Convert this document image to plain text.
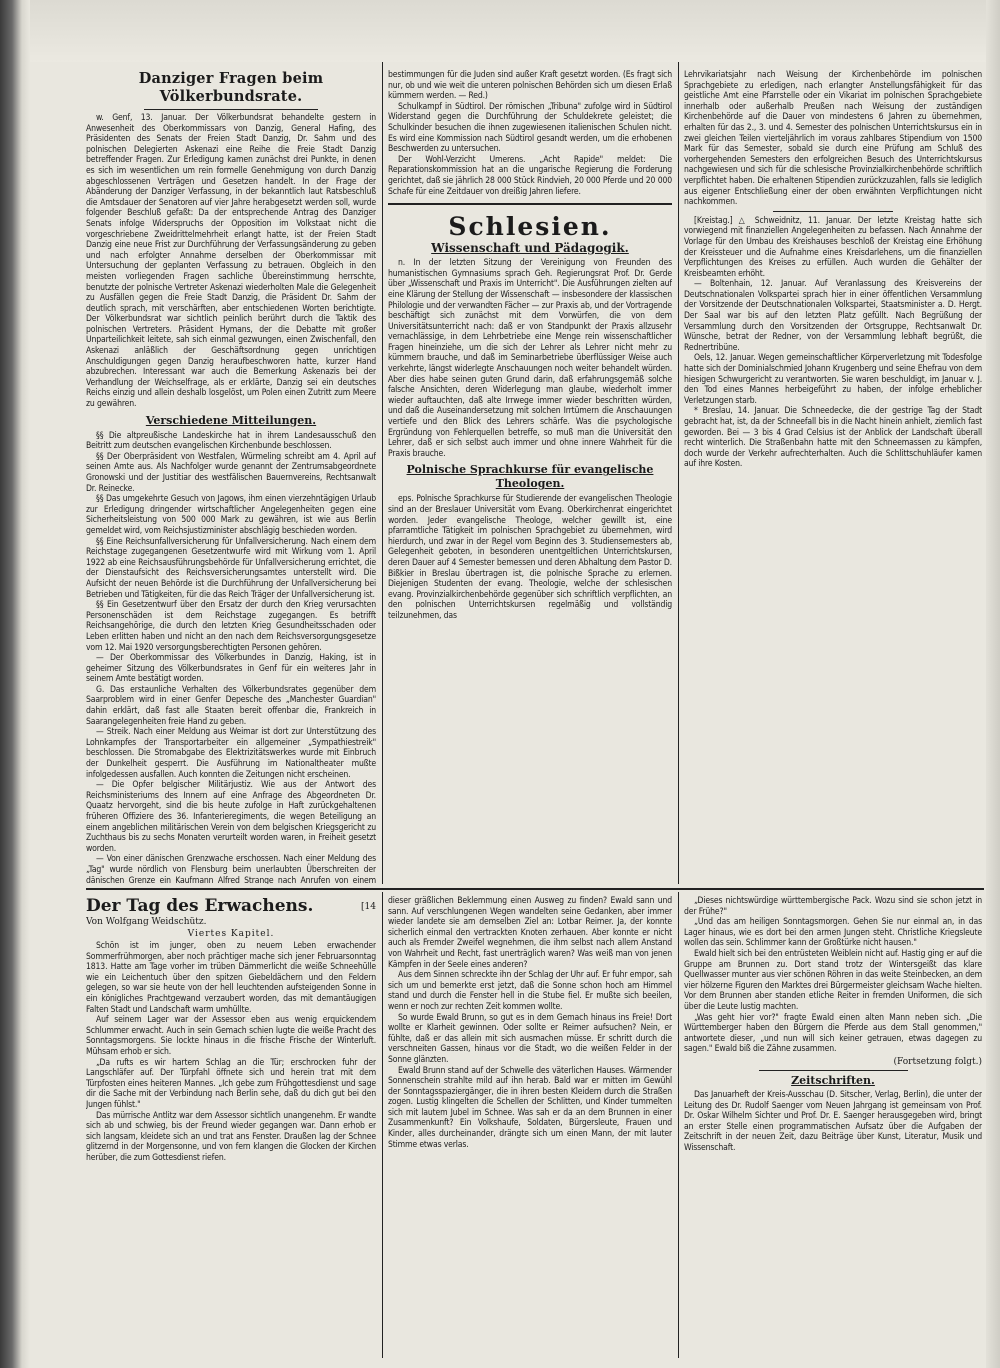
Danziger Fragen beim Völkerbundsrate.

w. Genf, 13. Januar. Der Völkerbundsrat behandelte gestern in Anwesenheit des Oberkommissars von Danzig, General Hafing, des Präsidenten des Senats der Freien Stadt Danzig, Dr. Sahm und des polnischen Delegierten Askenazi eine Reihe die Freie Stadt Danzig betreffender Fragen. Zur Erledigung kamen zunächst drei Punkte, in denen es sich im wesentlichen um rein formelle Genehmigung von durch Danzig abgeschlossenen Verträgen und Gesetzen handelt. In der Frage der Abänderung der Danziger Verfassung, in der bekanntlich laut Ratsbeschluß die Amtsdauer der Senatoren auf vier Jahre herabgesetzt werden soll, wurde folgender Beschluß gefaßt: Da der entsprechende Antrag des Danziger Senats infolge Widerspruchs der Opposition im Volkstaat nicht die vorgeschriebene Zweidrittelmehrheit erlangt hatte, ist der Freien Stadt Danzig eine neue Frist zur Durchführung der Verfassungsänderung zu geben und nach erfolgter Annahme derselben der Oberkommissar mit Untersuchung der geplanten Verfassung zu betrauen. Obgleich in den meisten vorliegenden Fragen sachliche Übereinstimmung herrschte, benutzte der polnische Vertreter Askenazi wiederholten Male die Gelegenheit zu Ausfällen gegen die Freie Stadt Danzig, die Präsident Dr. Sahm der deutlich sprach, mit verschärften, aber entschiedenen Worten berichtigte. Der Völkerbundsrat war sichtlich peinlich berührt durch die Taktik des polnischen Vertreters. Präsident Hymans, der die Debatte mit großer Unparteilichkeit leitete, sah sich einmal gezwungen, einen Zwischenfall, den Askenazi anläßlich der Geschäftsordnung gegen unrichtigen Anschuldigungen gegen Danzig heraufbeschworen hatte, kurzer Hand abzubrechen. Interessant war auch die Bemerkung Askenazis bei der Verhandlung der Weichselfrage, als er erklärte, Danzig sei ein deutsches Reichs einzig und allein deshalb losgelöst, um Polen einen Zutritt zum Meere zu gewähren.

Verschiedene Mitteilungen.

§§ Die altpreußische Landeskirche hat in ihrem Landesausschuß den Beitritt zum deutschen evangelischen Kirchenbunde beschlossen.

§§ Der Oberpräsident von Westfalen, Würmeling schreibt am 4. April auf seinen Amte aus. Als Nachfolger wurde genannt der Zentrumsabgeordnete Gronowski und der Justitiar des westfälischen Bauernvereins, Rechtsanwalt Dr. Reinecke.

§§ Das umgekehrte Gesuch von Jagows, ihm einen vierzehntägigen Urlaub zur Erledigung dringender wirtschaftlicher Angelegenheiten gegen eine Sicherheitsleistung von 500 000 Mark zu gewähren, ist wie aus Berlin gemeldet wird, vom Reichsjustizminister abschlägig beschieden worden.

§§ Eine Reichsunfallversicherung für Unfallversicherung. Nach einem dem Reichstage zugegangenen Gesetzentwurfe wird mit Wirkung vom 1. April 1922 ab eine Reichsausführungsbehörde für Unfallversicherung errichtet, die der Dienstaufsicht des Reichsversicherungsamtes unterstellt wird. Die Aufsicht der neuen Behörde ist die Durchführung der Unfallversicherung bei Betrieben und Tätigkeiten, für die das Reich Träger der Unfallversicherung ist.

§§ Ein Gesetzentwurf über den Ersatz der durch den Krieg verursachten Personenschäden ist dem Reichstage zugegangen. Es betrifft Reichsangehörige, die durch den letzten Krieg Gesundheitsschaden oder Leben erlitten haben und nicht an den nach dem Reichsversorgungsgesetze vom 12. Mai 1920 versorgungsberechtigten Personen gehören.

— Der Oberkommissar des Völkerbundes in Danzig, Haking, ist in geheimer Sitzung des Völkerbundsrates in Genf für ein weiteres Jahr in seinem Amte bestätigt worden.

G. Das erstaunliche Verhalten des Völkerbundsrates gegenüber dem Saarproblem wird in einer Genfer Depesche des „Manchester Guardian" dahin erklärt, daß fast alle Staaten bereit offenbar die, Frankreich in Saarangelegenheiten freie Hand zu geben.

— Streik. Nach einer Meldung aus Weimar ist dort zur Unterstützung des Lohnkampfes der Transportarbeiter ein allgemeiner „Sympathiestreik" beschlossen. Die Stromabgabe des Elektrizitätswerkes wurde mit Einbruch der Dunkelheit gesperrt. Die Ausführung im Nationaltheater mußte infolgedessen ausfallen. Auch konnten die Zeitungen nicht erscheinen.

— Die Opfer belgischer Militärjustiz. Wie aus der Antwort des Reichsministeriums des Innern auf eine Anfrage des Abgeordneten Dr. Quaatz hervorgeht, sind die bis heute zufolge in Haft zurückgehaltenen früheren Offiziere des 36. Infanterieregiments, die wegen Beteiligung an einem angeblichen militärischen Verein von dem belgischen Kriegsgericht zu Zuchthaus bis zu sechs Monaten verurteilt worden waren, in Freiheit gesetzt worden.

— Von einer dänischen Grenzwache erschossen. Nach einer Meldung des „Tag" wurde nördlich von Flensburg beim unerlaubten Überschreiten der dänischen Grenze ein Kaufmann Alfred Strange nach Anrufen von einem

bestimmungen für die Juden sind außer Kraft gesetzt worden. (Es fragt sich nur, ob und wie weit die unteren polnischen Behörden sich um diesen Erlaß kümmern werden. — Red.)

Schulkampf in Südtirol. Der römischen „Tribuna" zufolge wird in Südtirol Widerstand gegen die Durchführung der Schuldekrete geleistet; die Schulkinder besuchen die ihnen zugewiesenen italienischen Schulen nicht. Es wird eine Kommission nach Südtirol gesandt werden, um die erhobenen Beschwerden zu untersuchen.

Der Wohl-Verzicht Umerens. „Acht Rapide" meldet: Die Reparationskommission hat an die ungarische Regierung die Forderung gerichtet, daß sie jährlich 28 000 Stück Rindvieh, 20 000 Pferde und 20 000 Schafe für eine Zeitdauer von dreißig Jahren liefere.

Schlesien.
Wissenschaft und Pädagogik.

n. In der letzten Sitzung der Vereinigung von Freunden des humanistischen Gymnasiums sprach Geh. Regierungsrat Prof. Dr. Gerde über „Wissenschaft und Praxis im Unterricht". Die Ausführungen zielten auf eine Klärung der Stellung der Wissenschaft — insbesondere der klassischen Philologie und der verwandten Fächer — zur Praxis ab, und der Vortragende beschäftigt sich zunächst mit dem Vorwürfen, die von dem Universitätsunterricht nach: daß er von Standpunkt der Praxis allzusehr vernachlässige, in dem Lehrbetriebe eine Menge rein wissenschaftlicher Fragen hineinziehe, um die sich der Lehrer als Lehrer nicht mehr zu kümmern brauche, und daß im Seminarbetriebe überflüssiger Weise auch verkehrte, längst widerlegte Anschauungen noch weiter behandelt würden. Aber dies habe seinen guten Grund darin, daß erfahrungsgemäß solche falsche Ansichten, deren Widerlegung man glaube, wiederholt immer wieder auftauchten, daß alte Irrwege immer wieder beschritten würden, und daß die Auseinandersetzung mit solchen Irrtümern die Anschauungen vertiefe und den Blick des Lehrers schärfe. Was die psychologische Ergründung von Fehlerquellen betreffe, so muß man die Universität den Lehrer, daß er sich selbst auch immer und ohne innere Wahrheit für die Praxis brauche.

Polnische Sprachkurse für evangelische Theologen.

eps. Polnische Sprachkurse für Studierende der evangelischen Theologie sind an der Breslauer Universität vom Evang. Oberkirchenrat eingerichtet worden. Jeder evangelische Theologe, welcher gewillt ist, eine pfarramtliche Tätigkeit im polnischen Sprachgebiet zu übernehmen, wird hierdurch, und zwar in der Regel vom Beginn des 3. Studiensemesters ab, Gelegenheit geboten, in besonderen unentgeltlichen Unterrichtskursen, deren Dauer auf 4 Semester bemessen und deren Abhaltung dem Pastor D. Bißkier in Breslau übertragen ist, die polnische Sprache zu erlernen. Diejenigen Studenten der evang. Theologie, welche der schlesischen evang. Provinzialkirchenbehörde gegenüber sich schriftlich verpflichten, an den polnischen Unterrichtskursen regelmäßig und vollständig teilzunehmen, das

Lehrvikariatsjahr nach Weisung der Kirchenbehörde im polnischen Sprachgebiete zu erledigen, nach erlangter Anstellungsfähigkeit für das geistliche Amt eine Pfarrstelle oder ein Vikariat im polnischen Sprachgebiete innerhalb oder außerhalb Preußen nach Weisung der zuständigen Kirchenbehörde auf die Dauer von mindestens 6 Jahren zu übernehmen, erhalten für das 2., 3. und 4. Semester des polnischen Unterrichtskursus ein in zwei gleichen Teilen vierteljährlich im voraus zahlbares Stipendium von 1500 Mark für das Semester, sobald sie durch eine Prüfung am Schluß des vorhergehenden Semesters den erfolgreichen Besuch des Unterrichtskursus nachgewiesen und sich für die schlesische Provinzialkirchenbehörde schriftlich verpflichtet haben. Die erhaltenen Stipendien zurückzuzahlen, falls sie lediglich aus eigener Entschließung einer der oben erwähnten Verpflichtungen nicht nachkommen.

[Kreistag.] △ Schweidnitz, 11. Januar. Der letzte Kreistag hatte sich vorwiegend mit finanziellen Angelegenheiten zu befassen. Nach Annahme der Vorlage für den Umbau des Kreishauses beschloß der Kreistag eine Erhöhung der Kreissteuer und die Aufnahme eines Kreisdarlehens, um die finanziellen Verpflichtungen des Kreises zu erfüllen. Auch wurden die Gehälter der Kreisbeamten erhöht.

— Boltenhain, 12. Januar. Auf Veranlassung des Kreisvereins der Deutschnationalen Volkspartei sprach hier in einer öffentlichen Versammlung der Vorsitzende der Deutschnationalen Volkspartei, Staatsminister a. D. Hergt. Der Saal war bis auf den letzten Platz gefüllt. Nach Begrüßung der Versammlung durch den Vorsitzenden der Ortsgruppe, Rechtsanwalt Dr. Wünsche, betrat der Redner, von der Versammlung lebhaft begrüßt, die Rednertribüne.

Oels, 12. Januar. Wegen gemeinschaftlicher Körperverletzung mit Todesfolge hatte sich der Dominialschmied Johann Krugenberg und seine Ehefrau von dem hiesigen Schwurgericht zu verantworten. Sie waren beschuldigt, im Januar v. J. den Tod eines Mannes herbeigeführt zu haben, der infolge erheblicher Verletzungen starb.

* Breslau, 14. Januar. Die Schneedecke, die der gestrige Tag der Stadt gebracht hat, ist, da der Schneefall bis in die Nacht hinein anhielt, ziemlich fast geworden. Bei — 3 bis 4 Grad Celsius ist der Anblick der Landschaft überall recht winterlich. Die Straßenbahn hatte mit den Schneemassen zu kämpfen, doch wurde der Verkehr aufrechterhalten. Auch die Schlittschuhläufer kamen auf ihre Kosten.

Der Tag des Erwachens.	[14
Von Wolfgang Weidschütz.
Viertes Kapitel.

Schön ist im junger, oben zu neuem Leben erwachender Sommerfrühmorgen, aber noch prächtiger mache sich jener Februarsonntag 1813. Hatte am Tage vorher im trüben Dämmerlicht die weiße Schneehülle wie ein Leichentuch über den spitzen Giebeldächern und den Feldern gelegen, so war sie heute von der hell leuchtenden aufsteigenden Sonne in ein königliches Prachtgewand verzaubert worden, das mit demantäugigen Falten Stadt und Landschaft warm umhüllte.

Auf seinem Lager war der Assessor eben aus wenig erquickendem Schlummer erwacht. Auch in sein Gemach schien lugte die weiße Pracht des Sonntagsmorgens. Sie lockte hinaus in die frische Frische der Winterluft. Mühsam erhob er sich.

„Da rufts es wir hartem Schlag an die Tür; erschrocken fuhr der Langschläfer auf. Der Türpfahl öffnete sich und herein trat mit dem Türpfosten eines heiteren Mannes. „Ich gebe zum Frühgottesdienst und sage dir die Sache mit der Verbindung nach Berlin sehe, daß du dich gut bei den Jungen fühlst."

Das mürrische Antlitz war dem Assessor sichtlich unangenehm. Er wandte sich ab und schwieg, bis der Freund wieder gegangen war. Dann erhob er sich langsam, kleidete sich an und trat ans Fenster. Draußen lag der Schnee glitzernd in der Morgensonne, und von fern klangen die Glocken der Kirchen herüber, die zum Gottesdienst riefen.

dieser gräßlichen Beklemmung einen Ausweg zu finden? Ewald sann und sann. Auf verschlungenen Wegen wandelten seine Gedanken, aber immer wieder landete sie am demselben Ziel an: Lotbar Reimer. Ja, der konnte sicherlich einmal den vertrackten Knoten zerhauen. Aber konnte er nicht auch als Fremder Zweifel wegnehmen, die ihm selbst nach allem Anstand von Wahrheit und Recht, fast unerträglich waren? Was weiß man von jenen Kämpfen in der Seele eines anderen?

Aus dem Sinnen schreckte ihn der Schlag der Uhr auf. Er fuhr empor, sah sich um und bemerkte erst jetzt, daß die Sonne schon hoch am Himmel stand und durch die Fenster hell in die Stube fiel. Er mußte sich beeilen, wenn er noch zur rechten Zeit kommen wollte.

So wurde Ewald Brunn, so gut es in dem Gemach hinaus ins Freie! Dort wollte er Klarheit gewinnen. Oder sollte er Reimer aufsuchen? Nein, er fühlte, daß er das allein mit sich ausmachen müsse. Er schritt durch die verschneiten Gassen, hinaus vor die Stadt, wo die weißen Felder in der Sonne glänzten.

Ewald Brunn stand auf der Schwelle des väterlichen Hauses. Wärmender Sonnenschein strahlte mild auf ihn herab. Bald war er mitten im Gewühl der Sonntagsspaziergänger, die in ihren besten Kleidern durch die Straßen zogen. Lustig klingelten die Schellen der Schlitten, und Kinder tummelten sich mit lautem Jubel im Schnee. Was sah er da an dem Brunnen in einer Zusammenkunft? Ein Volkshaufe, Soldaten, Bürgersleute, Frauen und Kinder, alles durcheinander, drängte sich um einen Mann, der mit lauter Stimme etwas verlas.

„Dieses nichtswürdige württembergische Pack. Wozu sind sie schon jetzt in der Frühe?"

„Und das am heiligen Sonntagsmorgen. Gehen Sie nur einmal an, in das Lager hinaus, wie es dort bei den armen Jungen steht. Christliche Kriegsleute wollen das sein. Schlimmer kann der Großtürke nicht hausen."

Ewald hielt sich bei den entrüsteten Weiblein nicht auf. Hastig ging er auf die Gruppe am Brunnen zu. Dort stand trotz der Wintersgeißt das klare Quellwasser munter aus vier schönen Röhren in das weite Steinbecken, an dem vier hölzerne Figuren den Marktes drei Bürgermeister gleichsam Wache hielten. Vor dem Brunnen aber standen etliche Reiter in fremden Uniformen, die sich über die Leute lustig machten.

„Was geht hier vor?" fragte Ewald einen alten Mann neben sich. „Die Württemberger haben den Bürgern die Pferde aus dem Stall genommen," antwortete dieser, „und nun will sich keiner getrauen, etwas dagegen zu sagen." Ewald biß die Zähne zusammen.

(Fortsetzung folgt.)
Zeitschriften.

Das Januarheft der Kreis-Ausschau (D. Sitscher, Verlag, Berlin), die unter der Leitung des Dr. Rudolf Saenger vom Neuen Jahrgang ist gemeinsam von Prof. Dr. Oskar Wilhelm Sichter und Prof. Dr. E. Saenger herausgegeben wird, bringt an erster Stelle einen programmatischen Aufsatz über die Aufgaben der Zeitschrift in der neuen Zeit, dazu Beiträge über Kunst, Literatur, Musik und Wissenschaft.
